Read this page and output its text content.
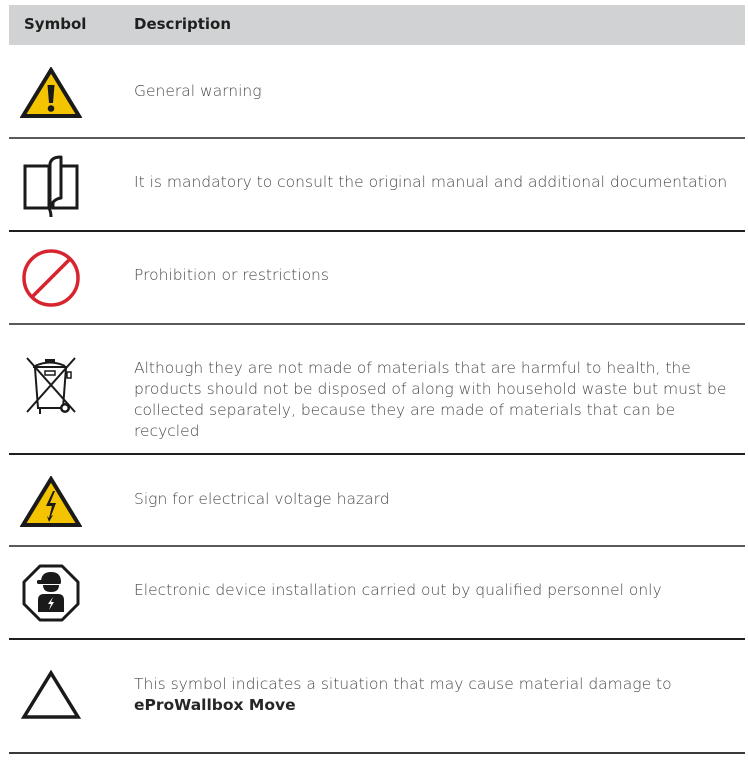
Symbol	Description
General warning
It is mandatory to consult the original manual and additional documentation
Prohibition or restrictions
Although they are not made of materials that are harmful to health, the products should not be disposed of along with household waste but must be collected separately, because they are made of materials that can be recycled
Sign for electrical voltage hazard
Electronic device installation carried out by qualified personnel only
This symbol indicates a situation that may cause material damage to
eProWallbox Move
